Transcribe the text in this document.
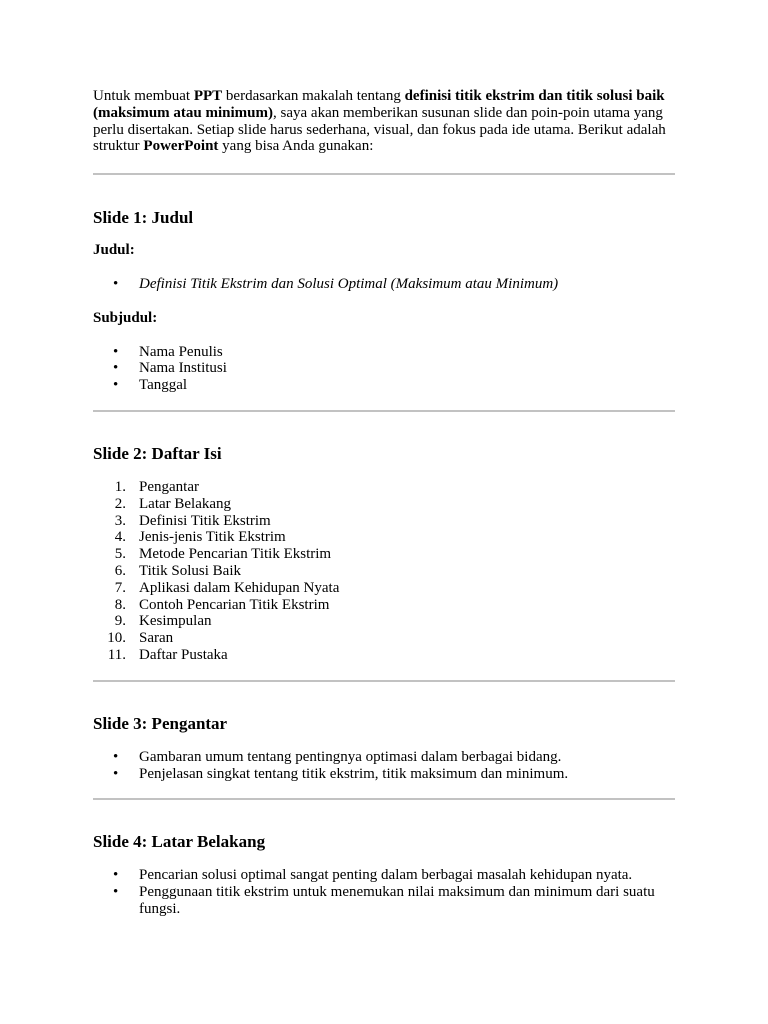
Untuk membuat PPT berdasarkan makalah tentang definisi titik ekstrim dan titik solusi baik (maksimum atau minimum), saya akan memberikan susunan slide dan poin-poin utama yang perlu disertakan. Setiap slide harus sederhana, visual, dan fokus pada ide utama. Berikut adalah struktur PowerPoint yang bisa Anda gunakan:

Slide 1: Judul

Judul:

• Definisi Titik Ekstrim dan Solusi Optimal (Maksimum atau Minimum)

Subjudul:

• Nama Penulis
• Nama Institusi
• Tanggal
Slide 2: Daftar Isi
1. Pengantar
2. Latar Belakang
3. Definisi Titik Ekstrim
4. Jenis-jenis Titik Ekstrim
5. Metode Pencarian Titik Ekstrim
6. Titik Solusi Baik
7. Aplikasi dalam Kehidupan Nyata
8. Contoh Pencarian Titik Ekstrim
9. Kesimpulan
10. Saran
11. Daftar Pustaka
Slide 3: Pengantar
• Gambaran umum tentang pentingnya optimasi dalam berbagai bidang.
• Penjelasan singkat tentang titik ekstrim, titik maksimum dan minimum.
Slide 4: Latar Belakang
• Pencarian solusi optimal sangat penting dalam berbagai masalah kehidupan nyata.
• Penggunaan titik ekstrim untuk menemukan nilai maksimum dan minimum dari suatu fungsi.
